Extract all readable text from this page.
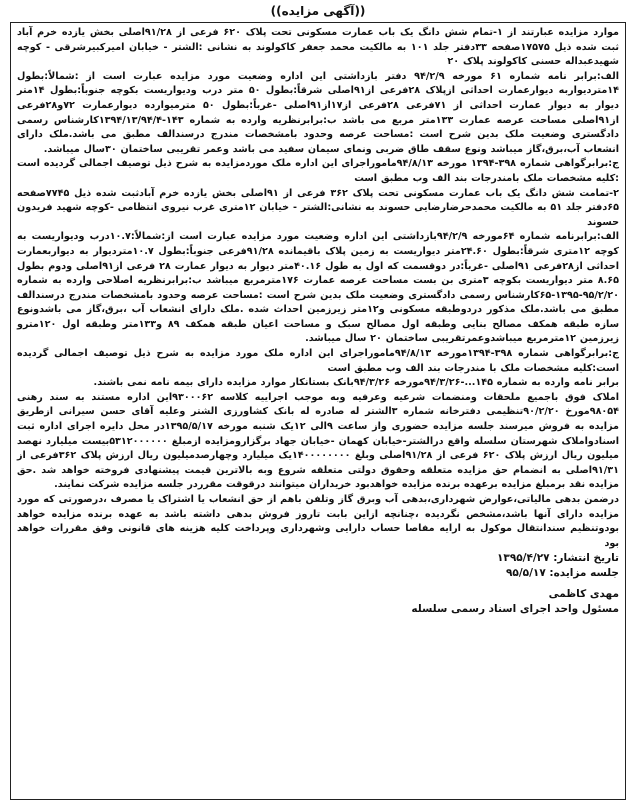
((آگهی مزایده))

موارد مزایده عبارتند از ۱-تمام شش دانگ یک باب عمارت مسکونی تحت پلاک ۶۲۰ فرعی از ۹۱/۲۸اصلی بخش یازده خرم آباد ثبت شده ذیل ۱۷۵۷۵صفحه ۳۳دفتر جلد ۱۰۱ به مالکیت محمد جعفر کاکولوند به نشانی :الشتر - خیابان امیرکبیرشرقی - کوچه شهیدعبداله حسنی کاکولوند پلاک ۲۰

الف:برابر نامه شماره ۶۱ مورخه ۹۴/۲/۹ دفتر بازداشتی این اداره وضعیت مورد مزایده عبارت است از :شمالاً:بطول ۱۴متردیواربه دیوارعمارت احداثی ازپلاک ۲۸فرعی از۹۱اصلی شرقاً:بطول ۵۰ متر درب ودیواریست بکوچه جنوباً:بطول ۱۴متر دیوار به دیوار عمارت احداثی از ۷۱فرعی ۲۸فرعی از۱۷از۹۱اصلی -غرباً:بطول ۵۰ مترمیوارده دیوارعمارت ۷۲و۲۸فرعی از۹۱اصلی مساحت عرصه عمارت ۱۳۳متر مربع می باشد ب:برابرنظریه وارده به شماره ۱۴۳-۱۳۹۴/۱۳/۹۴/۴کارشناس رسمی دادگستری وضعیت ملک بدین شرح است :مساحت عرصه وحدود بامشخصات مندرج درسندالف مطبق می باشد.ملک دارای انشعاب آب،برق،گاز میباشد ونوع سقف طاق ضربی ونمای سیمان سفید می باشد وعمر تقریبی ساختمان ۳۰سال میباشد.

ج:برابرگواهی شماره ۳۹۸-۱۳۹۴ مورخه ۹۴/۸/۱۳ماموراجرای این اداره ملک موردمزایده به شرح ذیل توصیف اجمالی گردیده است :کلیه مشخصات ملک بامندرجات بند الف وب مطبق است

۲-تمامت شش دانگ یک باب عمارت مسکونی تحت پلاک ۳۶۲ فرعی از ۹۱اصلی بخش یازده خرم آبادثبت شده ذیل ۷۷۴۵صفحه ۶۵دفتر جلد ۵۱ به مالکیت محمدحرضارضایی حسوند به نشانی:الشتر - خیابان ۱۲متری غرب نیروی انتظامی -کوچه شهید فریدون حسوند

الف:برابرنامه شماره ۶۴مورخه ۹۴/۲/۹بازداشتی این اداره وضعیت مورد مزایده عبارت است از:شمالاً:۱۰.۷درب وديواریست به کوچه ۱۲متری شرقاً:بطول ۲۴.۶۰متر دیواریست به زمین پلاک باقیمانده ۹۱/۲۸فرعی جنوباً:بطول ۱۰.۷متردیوار به دیواربعمارت احداثی از۲۸فرعی ۹۱اصلی -غرباً:در دوقسمت که اول به طول ۴۰.۱۶متر دیوار به دیوار عمارت ۲۸ فرعی از۹۱اصلی ودوم بطول ۸.۶۵ متر ديواریست بکوچه ۳متری بن بست مساحت عرصه عمارت ۱۷۶مترمربع میباشد ب:برابرنظریه اصلاحی وارده به شماره ۹۵/۲/۲۰-۱۳۹۵-۶۵کارشناس رسمی دادگستری وضعیت ملک بدین شرح است :مساحت عرصه وحدود بامشخصات مندرج درسندالف مطبق می باشد.ملک مذکور دردوطبقه مسکونی و۱۲متر زیرزمین احداث شده .ملک دارای انشعاب آب ،برق،گاز می باشدونوع سازه طبقه همکف مصالح بنایی وطبقه اول مصالح سبک و مساحت اعیان طبقه همکف ۸۹ و۱۳۳متر وطبقه اول ۱۲۰مترو زیرزمین ۱۲مترمربع میباشدوعمرتقریبی ساختمان ۲۰ سال میباشد.

ج:برابرگواهی شماره ۳۹۸-۱۳۹۴مورخه ۹۴/۸/۱۳ماموراجرای این اداره ملک مورد مزایده به شرح ذیل توصیف اجمالی گردیده است:کلیه مشخصات ملک با مندرجات بند الف وب مطبق است

برابر نامه وارده به شماره ۱۴۵...-۹۴/۳/۲۶مورخه ۹۴/۳/۲۶بانک بستانکار موارد مزایده دارای بیمه نامه نمی باشند.

املاک فوق باجمیع ملحقات ومنضمات شرعیه وعرفیه وبه موجب اجراییه کلاسه ۹۳۰۰۰۶۲این اداره مستند به سند رهنی ۹۸۰۵۴مورخ ۹۰/۲/۲۰تنظیمی دفترخانه شماره ۳الشتر له صادره له بانک کشاورزی الشتر وعلیه آقای حسن سیرانی ازطریق مزایده به فروش میرسند جلسه مزایده حضوری واز ساعت ۹الی ۱۲یک شنبه مورخه ۱۳۹۵/۵/۱۷در محل دایره اجرای اداره ثبت اسنادواملاک شهرستان سلسله واقع درالشتر-خیابان کهمان -خیابان جهاد برگزارومزایده ازمبلغ ۵۳۱۲۰۰۰۰۰۰بیست میلیارد نهصد میلیون ریال ارزش پلاک ۶۲۰ فرعی از ۹۱/۲۸اصلی وبلغ ۱۴۰۰۰۰۰۰۰۰یک میلیارد وچهارصدمیلیون ریال ارزش پلاک ۳۶۲فرعی از ۹۱/۳۱اصلی به انضمام حق مزایده متعلقه وحقوق دولتی متعلقه شروع وبه بالاترین قیمت پیشنهادی فروخته خواهد شد .حق مزایده نقد برمبلغ مزایده برعهده برنده مزایده خواهدبود خریداران میتوانند درقوقت مقرردر جلسه مزایده شرکت نمایند.

درضمن بدهی مالیاتی،عوارض شهرداری،بدهی آب وبرق گاز وتلفن باهم از حق انشعاب یا اشتراک یا مصرف ،درصورتی که مورد مزایده دارای آنها باشد،مشخص نگردیده ،چنانچه ازاین بابت تاروز فروش بدهی داشته باشد به عهده برنده مزایده خواهد بودوتنظیم سندانتقال موکول به ارایه مفاصا حساب دارایی وشهرداری وپرداخت کلیه هزینه های قانونی وفق مقررات خواهد بود

تاریخ انتشار: ۱۳۹۵/۴/۲۷

جلسه مزایده: ۹۵/۵/۱۷

مهدی کاظمی

مسئول واحد اجرای اسناد رسمی سلسله
